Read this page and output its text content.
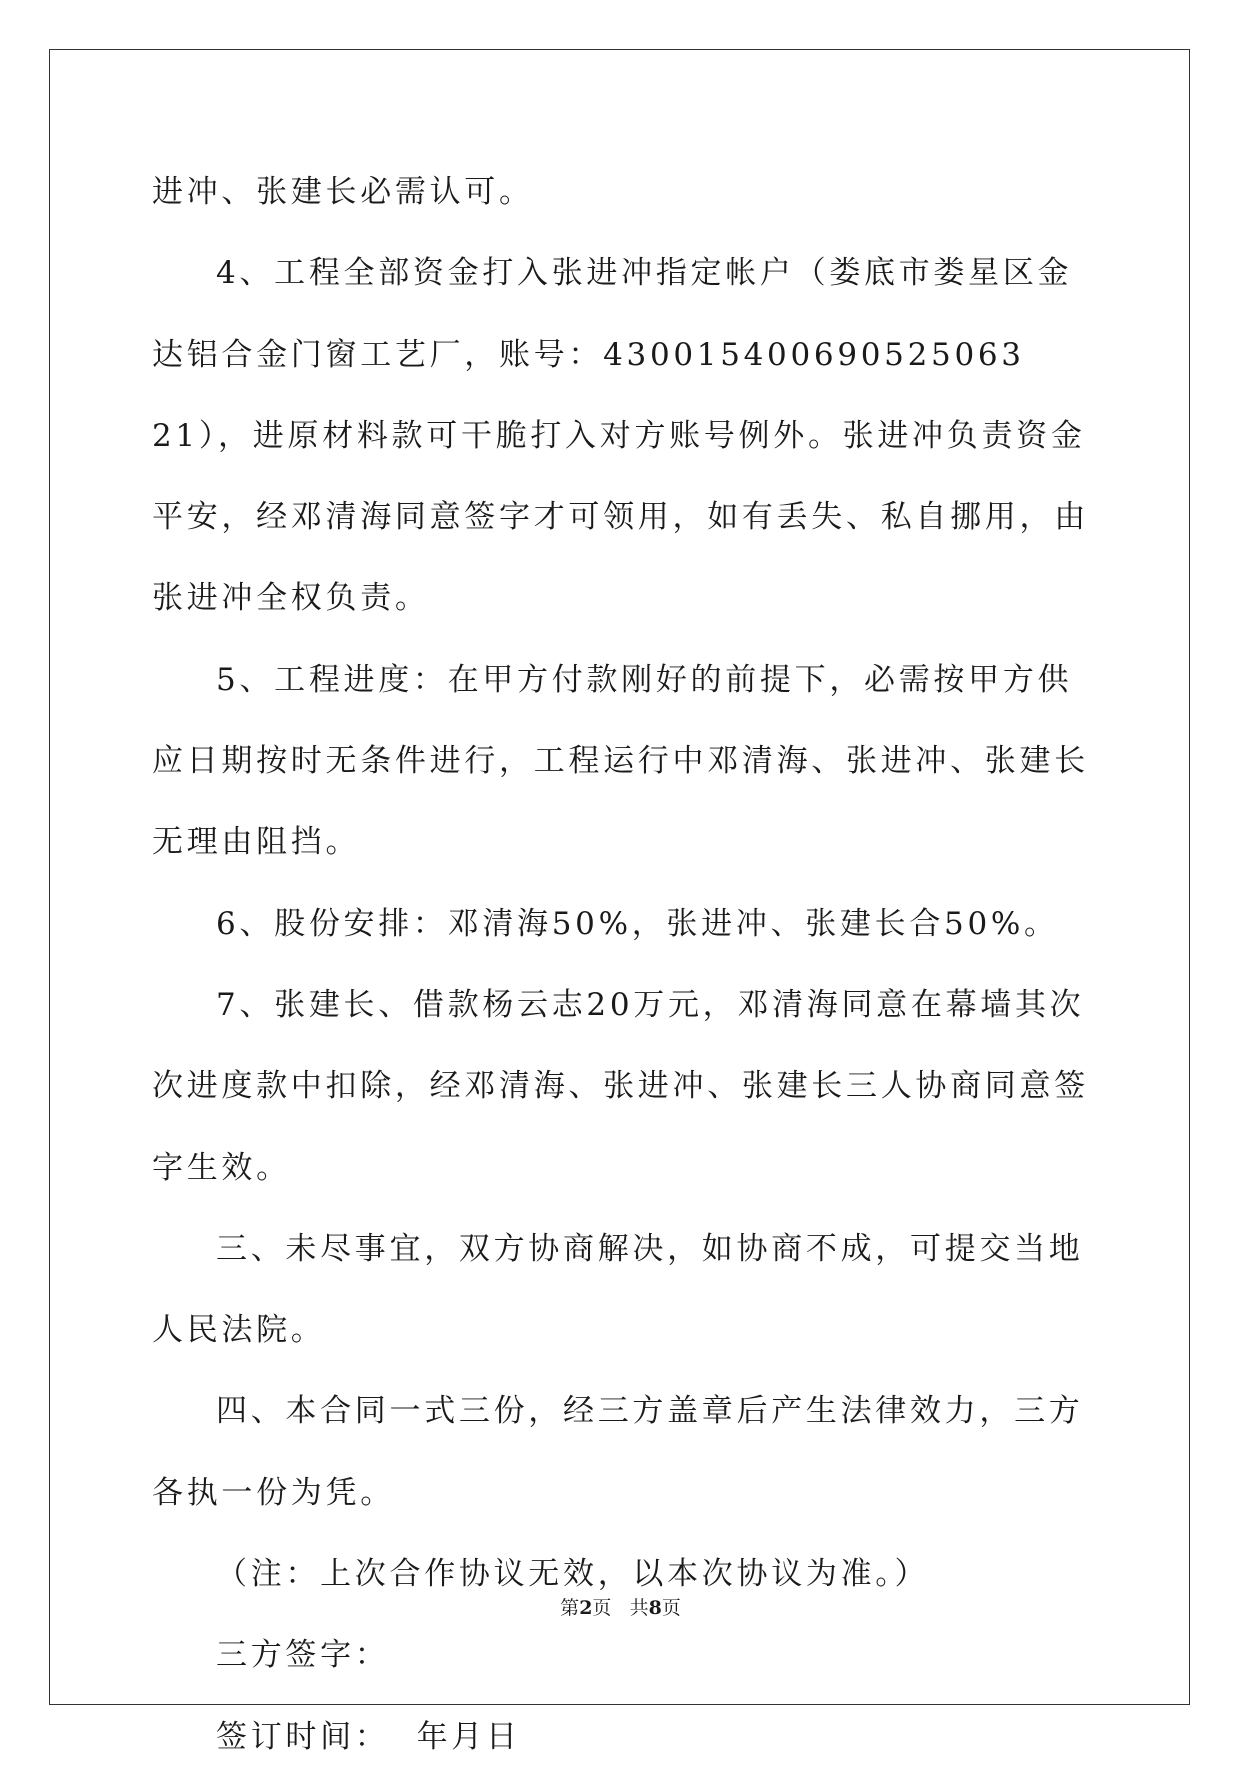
进冲、张建长必需认可。

4、工程全部资金打入张进冲指定帐户（娄底市娄星区金达铝合金门窗工艺厂，账号：430015400690525063 21），进原材料款可干脆打入对方账号例外。张进冲负责资金平安，经邓清海同意签字才可领用，如有丢失、私自挪用，由张进冲全权负责。

5、工程进度：在甲方付款刚好的前提下，必需按甲方供应日期按时无条件进行，工程运行中邓清海、张进冲、张建长无理由阻挡。

6、股份安排：邓清海50%，张进冲、张建长合50%。

7、张建长、借款杨云志20万元，邓清海同意在幕墙其次次进度款中扣除，经邓清海、张进冲、张建长三人协商同意签字生效。

三、未尽事宜，双方协商解决，如协商不成，可提交当地人民法院。

四、本合同一式三份，经三方盖章后产生法律效力，三方各执一份为凭。

（注：上次合作协议无效，以本次协议为准。）

三方签字：

签订时间：  年月日

第2页 共8页
